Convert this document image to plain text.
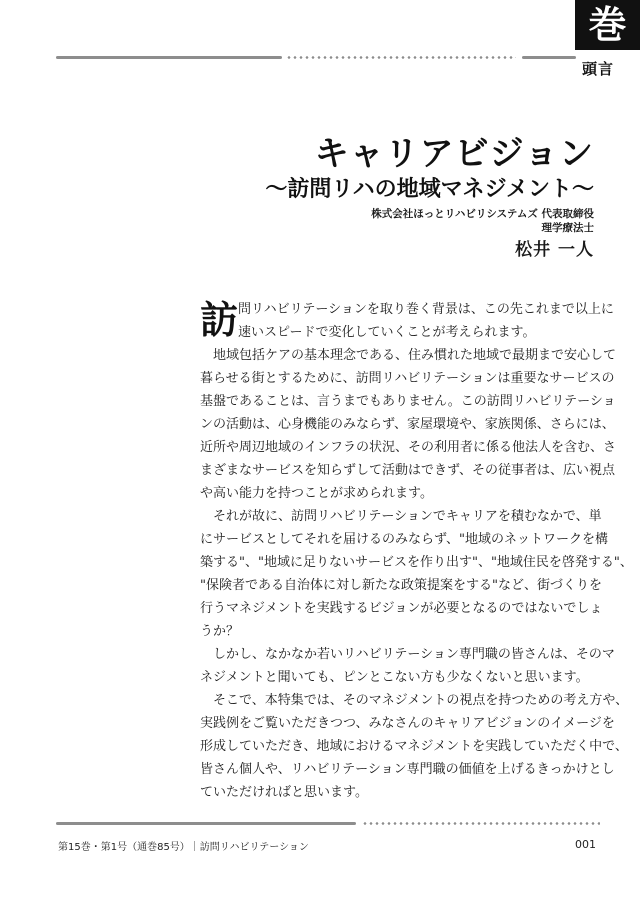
巻
頭言
キャリアビジョン
〜訪問リハの地域マネジメント〜
株式会社ほっとリハビリシステムズ 代表取締役
理学療法士
松井 一人
訪 問リハビリテーションを取り巻く背景は、この先これまで以上に

速いスピードで変化していくことが考えられます。

　地域包括ケアの基本理念である、住み慣れた地域で最期まで安心して

暮らせる街とするために、訪問リハビリテーションは重要なサービスの

基盤であることは、言うまでもありません。この訪問リハビリテーショ

ンの活動は、心身機能のみならず、家屋環境や、家族関係、さらには、

近所や周辺地域のインフラの状況、その利用者に係る他法人を含む、さ

まざまなサービスを知らずして活動はできず、その従事者は、広い視点

や高い能力を持つことが求められます。

　それが故に、訪問リハビリテーションでキャリアを積むなかで、単

にサービスとしてそれを届けるのみならず、"地域のネットワークを構

築する"、"地域に足りないサービスを作り出す"、"地域住民を啓発する"、

"保険者である自治体に対し新たな政策提案をする"など、街づくりを

行うマネジメントを実践するビジョンが必要となるのではないでしょ

うか？

　しかし、なかなか若いリハビリテーション専門職の皆さんは、そのマ

ネジメントと聞いても、ピンとこない方も少なくないと思います。

　そこで、本特集では、そのマネジメントの視点を持つための考え方や、

実践例をご覧いただきつつ、みなさんのキャリアビジョンのイメージを

形成していただき、地域におけるマネジメントを実践していただく中で、

皆さん個人や、リハビリテーション専門職の価値を上げるきっかけとし

ていただければと思います。

第15巻・第1号（通巻85号）｜訪問リハビリテーション	001
